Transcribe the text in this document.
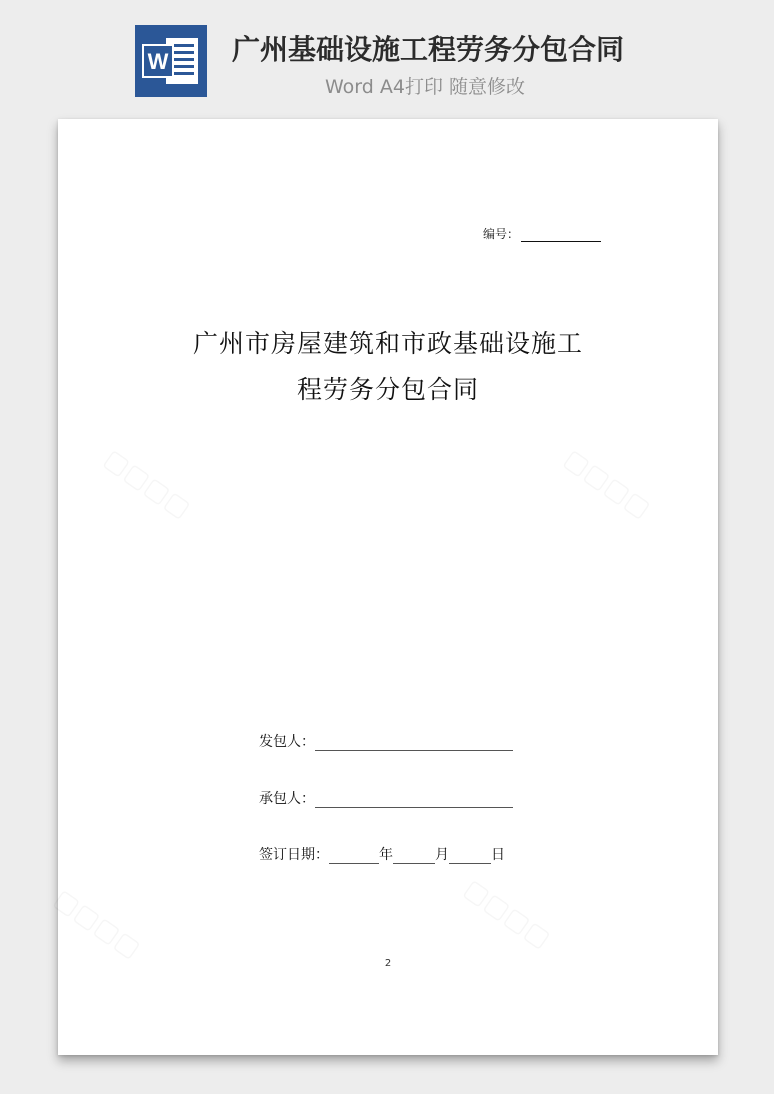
W 广州基础设施工程劳务分包合同
Word A4打印 随意修改
编号：
广州市房屋建筑和市政基础设施工
程劳务分包合同
发包人：
承包人：
签订日期：	年	月	日
2
